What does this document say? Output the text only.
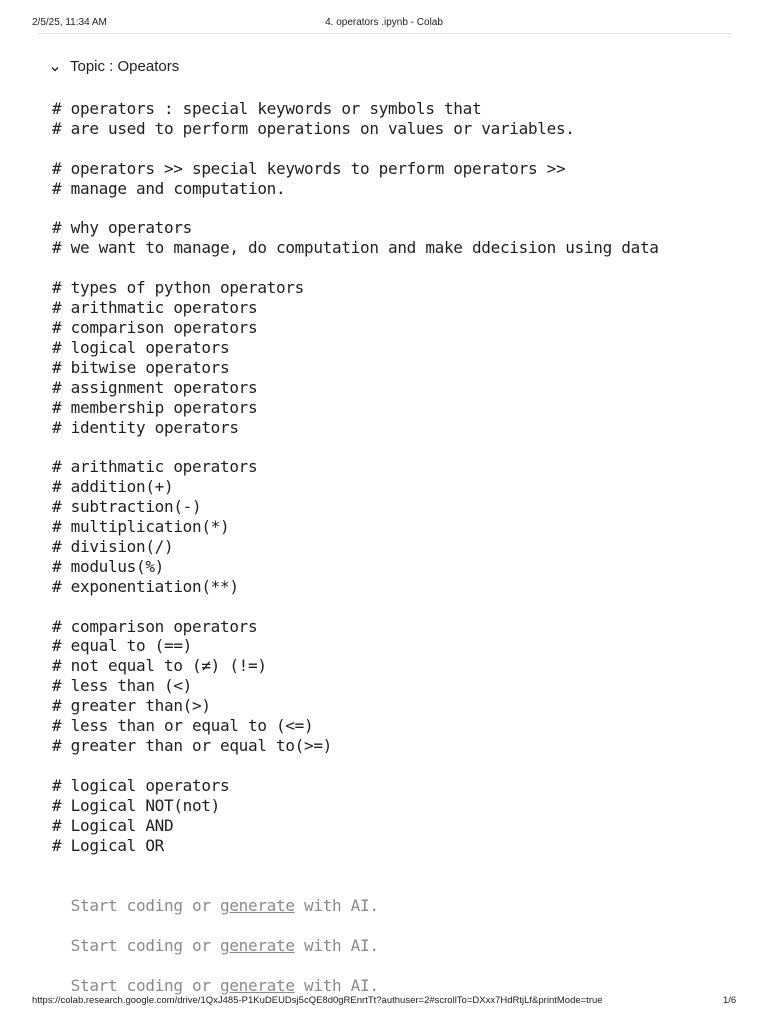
2/5/25, 11:34 AM	4. operators .ipynb - Colab
Topic : Opeators
# operators : special keywords or symbols that
# are used to perform operations on values or variables.
# operators >> special keywords to perform operators >>
# manage and computation.
# why operators
# we want to manage, do computation and make ddecision using data
# types of python operators
# arithmatic operators
# comparison operators
# logical operators
# bitwise operators
# assignment operators
# membership operators
# identity operators
# arithmatic operators
# addition(+)
# subtraction(-)
# multiplication(*)
# division(/)
# modulus(%)
# exponentiation(**)
# comparison operators
# equal to (==)
# not equal to (≠) (!=)
# less than (<)
# greater than(>)
# less than or equal to (<=)
# greater than or equal to(>=)
# logical operators
# Logical NOT(not)
# Logical AND
# Logical OR

Start coding or generate with AI.

Start coding or generate with AI.

Start coding or generate with AI.

https://colab.research.google.com/drive/1QxJ485-P1KuDEUDsj5cQE8d0gREnrtTt?authuser=2#scrollTo=DXxx7HdRtjLf&printMode=true	1/6
